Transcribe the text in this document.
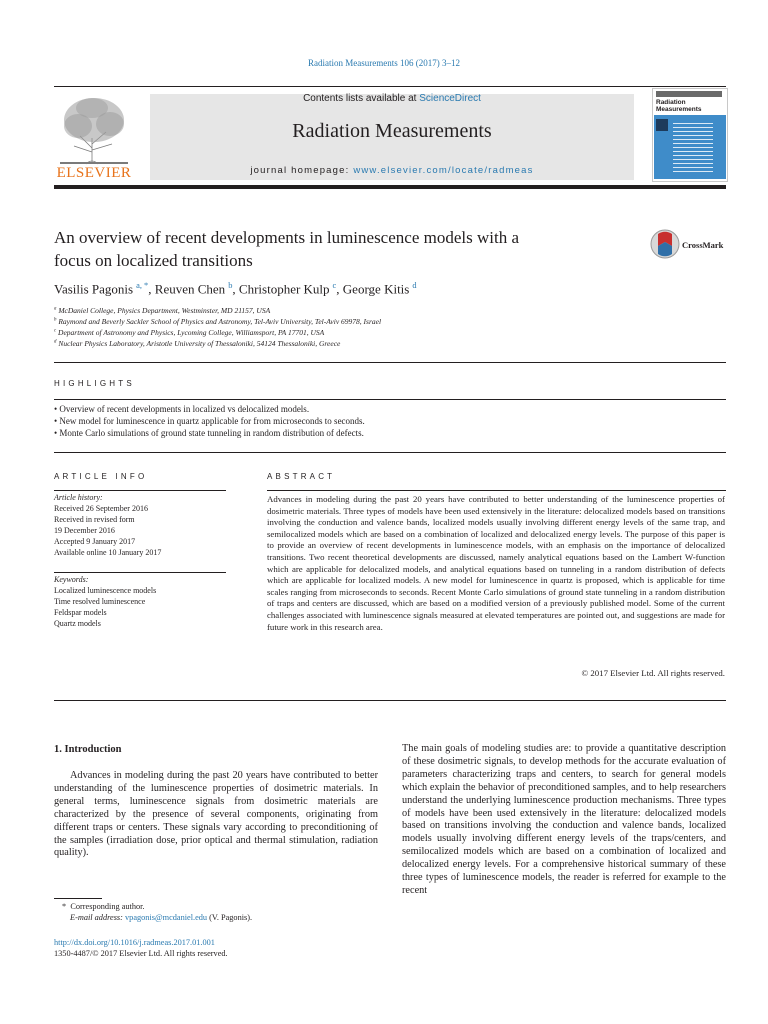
Radiation Measurements 106 (2017) 3–12
ELSEVIER
Contents lists available at ScienceDirect
Radiation Measurements
journal homepage: www.elsevier.com/locate/radmeas
Radiation Measurements
An overview of recent developments in luminescence models with a
focus on localized transitions
CrossMark
Vasilis Pagonis $^{a, *}$, Reuven Chen $^b$, Christopher Kulp $^c$, George Kitis $^d$
$^a$ McDaniel College, Physics Department, Westminster, MD 21157, USA
$^b$ Raymond and Beverly Sackler School of Physics and Astronomy, Tel-Aviv University, Tel-Aviv 69978, Israel
$^c$ Department of Astronomy and Physics, Lycoming College, Williamsport, PA 17701, USA
$^d$ Nuclear Physics Laboratory, Aristotle University of Thessaloniki, 54124 Thessaloniki, Greece
HIGHLIGHTS
• Overview of recent developments in localized vs delocalized models.
• New model for luminescence in quartz applicable for from microseconds to seconds.
• Monte Carlo simulations of ground state tunneling in random distribution of defects.
ARTICLE INFO
Article history:
Received 26 September 2016
Received in revised form
19 December 2016
Accepted 9 January 2017
Available online 10 January 2017
Keywords:
Localized luminescence models
Time resolved luminescence
Feldspar models
Quartz models
ABSTRACT
Advances in modeling during the past 20 years have contributed to better understanding of the luminescence properties of dosimetric materials. Three types of models have been used extensively in the literature: delocalized models based on transitions involving the conduction and valence bands, localized models usually involving different energy levels of the same trap, and semilocalized models which are based on a combination of localized and delocalized energy levels. The purpose of this paper is to provide an overview of recent developments in luminescence models, with an emphasis on the importance of delocalized transitions. Two recent theoretical developments are discussed, namely analytical equations based on the Lambert W-function which are applicable for delocalized models, and analytical equations based on tunneling in a random distribution of defects which are applicable for localized models. A new model for luminescence in quartz is proposed, which is applicable for time scales ranging from microseconds to seconds. Recent Monte Carlo simulations of ground state tunneling in a random distribution of traps and centers are discussed, which are based on a modified version of a previously published model. Some of the current challenges associated with luminescence signals measured at elevated temperatures are pointed out, and suggestions are made for future work in this research area.
© 2017 Elsevier Ltd. All rights reserved.
1. Introduction
Advances in modeling during the past 20 years have contributed to better understanding of the luminescence properties of dosimetric materials. In general terms, luminescence signals from dosimetric materials are characterized by the presence of several components, originating from different traps or centers. These signals vary according to preconditioning of the samples (irradiation dose, prior optical and thermal stimulation, radiation quality).
The main goals of modeling studies are: to provide a quantitative description of these dosimetric signals, to develop methods for the accurate evaluation of parameters characterizing traps and centers, to search for general models which explain the behavior of preconditioned samples, and to help researchers understand the underlying luminescence production mechanisms. Three types of models have been used extensively in the literature: delocalized models based on transitions involving the conduction and valence bands, localized models usually involving different energy levels of the traps/centers, and semilocalized models which are based on a combination of localized and delocalized energy levels. For a comprehensive historical summary of these three types of luminescence models, the reader is referred for example to the recent
* Corresponding author.
E-mail address: vpagonis@mcdaniel.edu (V. Pagonis).
http://dx.doi.org/10.1016/j.radmeas.2017.01.001
1350-4487/© 2017 Elsevier Ltd. All rights reserved.
